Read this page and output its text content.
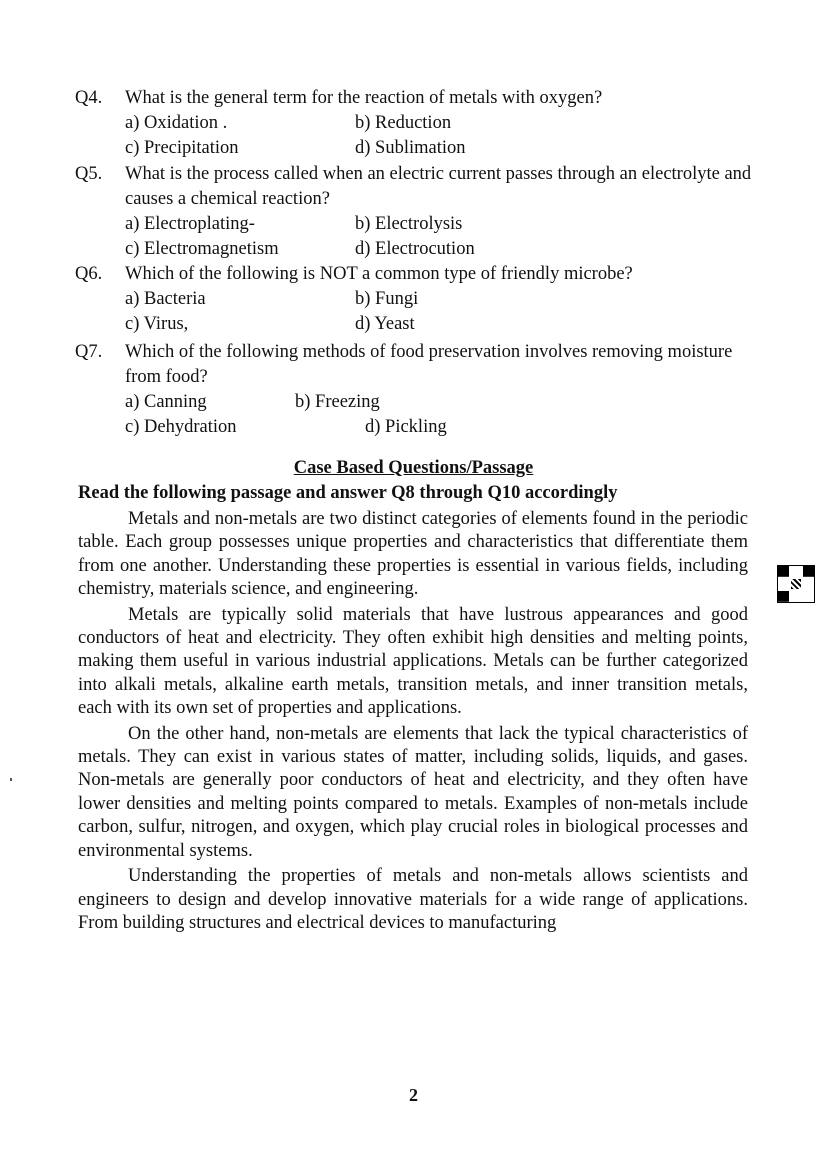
Q4.	What is the general term for the reaction of metals with oxygen?
a) Oxidation .	b) Reduction
c) Precipitation	d) Sublimation
Q5.	What is the process called when an electric current passes through an electrolyte and causes a chemical reaction?
a) Electroplating-	b) Electrolysis
c) Electromagnetism	d) Electrocution
Q6.	Which of the following is NOT a common type of friendly microbe?
a) Bacteria	b) Fungi
c) Virus,	d) Yeast
Q7.	Which of the following methods of food preservation involves removing moisture from food?
a) Canning	b) Freezing
c) Dehydration	d) Pickling
Case Based Questions/Passage
Read the following passage and answer Q8 through Q10 accordingly

Metals and non-metals are two distinct categories of elements found in the periodic table. Each group possesses unique properties and characteristics that differentiate them from one another. Understanding these properties is essential in various fields, including chemistry, materials science, and engineering.

Metals are typically solid materials that have lustrous appearances and good conductors of heat and electricity. They often exhibit high densities and melting points, making them useful in various industrial applications. Metals can be further categorized into alkali metals, alkaline earth metals, transition metals, and inner transition metals, each with its own set of properties and applications.

On the other hand, non-metals are elements that lack the typical characteristics of metals. They can exist in various states of matter, including solids, liquids, and gases. Non-metals are generally poor conductors of heat and electricity, and they often have lower densities and melting points compared to metals. Examples of non-metals include carbon, sulfur, nitrogen, and oxygen, which play crucial roles in biological processes and environmental systems.

Understanding the properties of metals and non-metals allows scientists and engineers to design and develop innovative materials for a wide range of applications. From building structures and electrical devices to manufacturing

2
